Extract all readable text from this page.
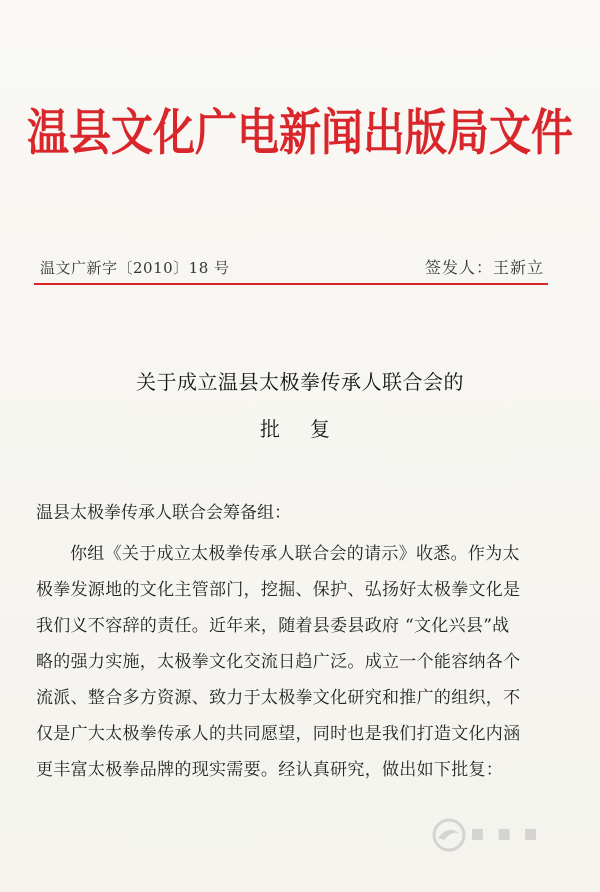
温县文化广电新闻出版局文件
温文广新字〔2010〕18 号	签发人：王新立
关于成立温县太极拳传承人联合会的
批复
温县太极拳传承人联合会筹备组：
你组《关于成立太极拳传承人联合会的请示》收悉。作为太
极拳发源地的文化主管部门，挖掘、保护、弘扬好太极拳文化是
我们义不容辞的责任。近年来，随着县委县政府 “文化兴县”战
略的强力实施，太极拳文化交流日趋广泛。成立一个能容纳各个
流派、整合多方资源、致力于太极拳文化研究和推广的组织，不
仅是广大太极拳传承人的共同愿望，同时也是我们打造文化内涵
更丰富太极拳品牌的现实需要。经认真研究，做出如下批复：
▪ ▪ ▪
